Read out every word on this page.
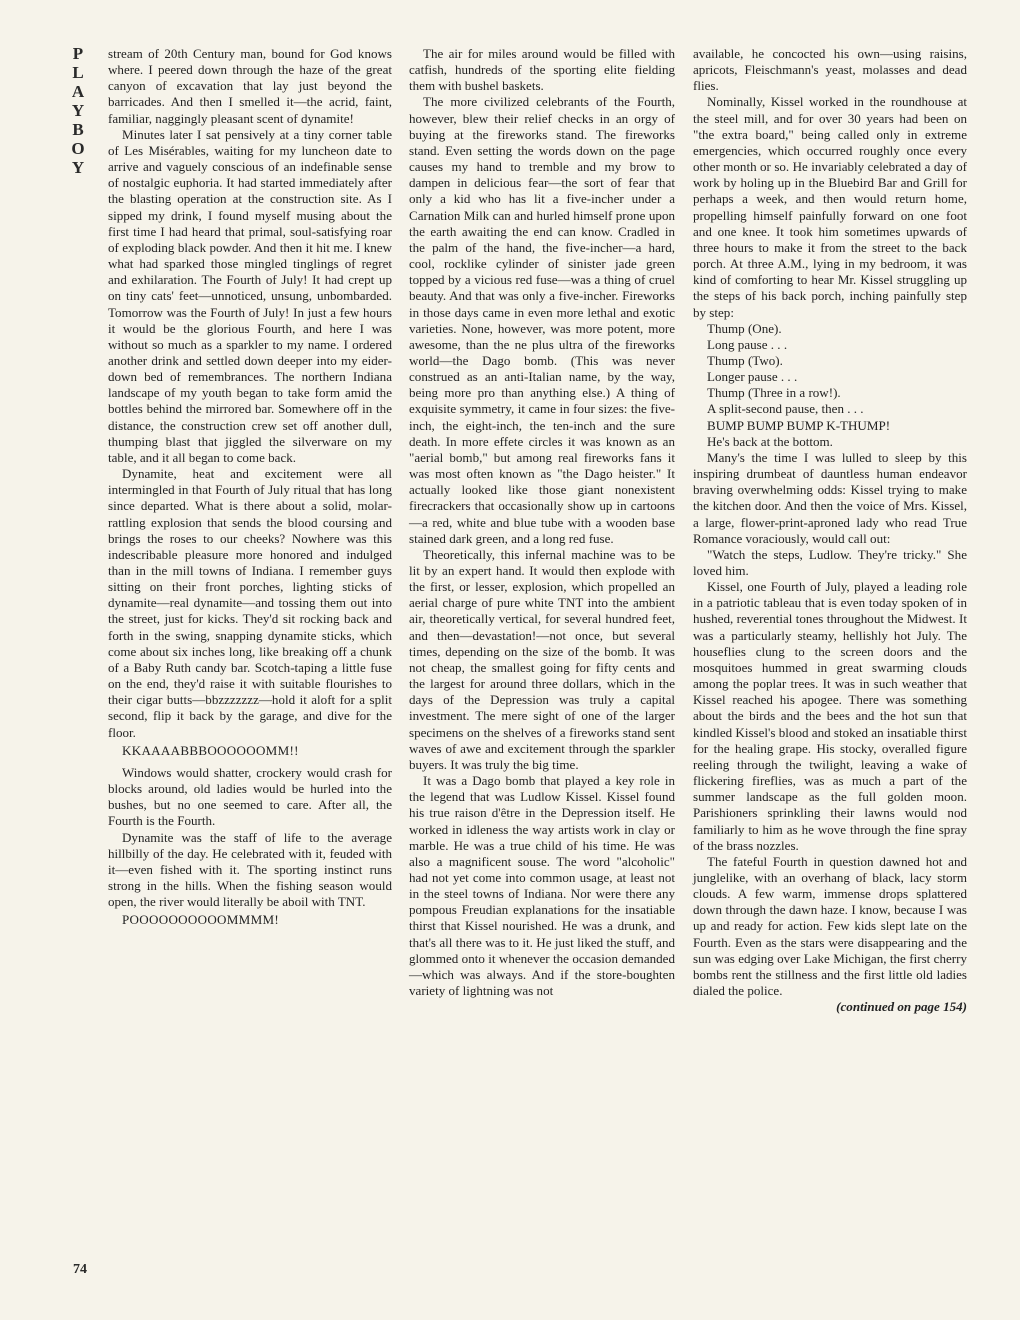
P
L
A
Y
B
O
Y

stream of 20th Century man, bound for God knows where. I peered down through the haze of the great canyon of excavation that lay just beyond the barricades. And then I smelled it—the acrid, faint, familiar, naggingly pleasant scent of dynamite!

Minutes later I sat pensively at a tiny corner table of Les Misérables, waiting for my luncheon date to arrive and vaguely conscious of an indefinable sense of nostalgic euphoria. It had started immediately after the blasting operation at the construction site. As I sipped my drink, I found myself musing about the first time I had heard that primal, soul-satisfying roar of exploding black powder. And then it hit me. I knew what had sparked those mingled tinglings of regret and exhilaration. The Fourth of July! It had crept up on tiny cats' feet—unnoticed, unsung, unbombarded. Tomorrow was the Fourth of July! In just a few hours it would be the glorious Fourth, and here I was without so much as a sparkler to my name. I ordered another drink and settled down deeper into my eider-down bed of remembrances. The northern Indiana landscape of my youth began to take form amid the bottles behind the mirrored bar. Somewhere off in the distance, the construction crew set off another dull, thumping blast that jiggled the silverware on my table, and it all began to come back.

Dynamite, heat and excitement were all intermingled in that Fourth of July ritual that has long since departed. What is there about a solid, molar-rattling explosion that sends the blood coursing and brings the roses to our cheeks? Nowhere was this indescribable pleasure more honored and indulged than in the mill towns of Indiana. I remember guys sitting on their front porches, lighting sticks of dynamite—real dynamite—and tossing them out into the street, just for kicks. They'd sit rocking back and forth in the swing, snapping dynamite sticks, which come about six inches long, like breaking off a chunk of a Baby Ruth candy bar. Scotch-taping a little fuse on the end, they'd raise it with suitable flourishes to their cigar butts—bbzzzzzzz—hold it aloft for a split second, flip it back by the garage, and dive for the floor.

KKAAAABBBOOOOOOMM!!

Windows would shatter, crockery would crash for blocks around, old ladies would be hurled into the bushes, but no one seemed to care. After all, the Fourth is the Fourth.

Dynamite was the staff of life to the average hillbilly of the day. He celebrated with it, feuded with it—even fished with it. The sporting instinct runs strong in the hills. When the fishing season would open, the river would literally be aboil with TNT.

POOOOOOOOOOMMMM!

The air for miles around would be filled with catfish, hundreds of the sporting elite fielding them with bushel baskets.

The more civilized celebrants of the Fourth, however, blew their relief checks in an orgy of buying at the fireworks stand. The fireworks stand. Even setting the words down on the page causes my hand to tremble and my brow to dampen in delicious fear—the sort of fear that only a kid who has lit a five-incher under a Carnation Milk can and hurled himself prone upon the earth awaiting the end can know. Cradled in the palm of the hand, the five-incher—a hard, cool, rocklike cylinder of sinister jade green topped by a vicious red fuse—was a thing of cruel beauty. And that was only a five-incher. Fireworks in those days came in even more lethal and exotic varieties. None, however, was more potent, more awesome, than the ne plus ultra of the fireworks world—the Dago bomb. (This was never construed as an anti-Italian name, by the way, being more pro than anything else.) A thing of exquisite symmetry, it came in four sizes: the five-inch, the eight-inch, the ten-inch and the sure death. In more effete circles it was known as an "aerial bomb," but among real fireworks fans it was most often known as "the Dago heister." It actually looked like those giant nonexistent firecrackers that occasionally show up in cartoons—a red, white and blue tube with a wooden base stained dark green, and a long red fuse.

Theoretically, this infernal machine was to be lit by an expert hand. It would then explode with the first, or lesser, explosion, which propelled an aerial charge of pure white TNT into the ambient air, theoretically vertical, for several hundred feet, and then—devastation!—not once, but several times, depending on the size of the bomb. It was not cheap, the smallest going for fifty cents and the largest for around three dollars, which in the days of the Depression was truly a capital investment. The mere sight of one of the larger specimens on the shelves of a fireworks stand sent waves of awe and excitement through the sparkler buyers. It was truly the big time.

It was a Dago bomb that played a key role in the legend that was Ludlow Kissel. Kissel found his true raison d'être in the Depression itself. He worked in idleness the way artists work in clay or marble. He was a true child of his time. He was also a magnificent souse. The word "alcoholic" had not yet come into common usage, at least not in the steel towns of Indiana. Nor were there any pompous Freudian explanations for the insatiable thirst that Kissel nourished. He was a drunk, and that's all there was to it. He just liked the stuff, and glommed onto it whenever the occasion demanded—which was always. And if the store-boughten variety of lightning was not

available, he concocted his own—using raisins, apricots, Fleischmann's yeast, molasses and dead flies.

Nominally, Kissel worked in the roundhouse at the steel mill, and for over 30 years had been on "the extra board," being called only in extreme emergencies, which occurred roughly once every other month or so. He invariably celebrated a day of work by holing up in the Bluebird Bar and Grill for perhaps a week, and then would return home, propelling himself painfully forward on one foot and one knee. It took him sometimes upwards of three hours to make it from the street to the back porch. At three A.M., lying in my bedroom, it was kind of comforting to hear Mr. Kissel struggling up the steps of his back porch, inching painfully step by step:

Thump (One).

Long pause . . .

Thump (Two).

Longer pause . . .

Thump (Three in a row!).

A split-second pause, then . . .

BUMP BUMP BUMP K-THUMP!

He's back at the bottom.

Many's the time I was lulled to sleep by this inspiring drumbeat of dauntless human endeavor braving overwhelming odds: Kissel trying to make the kitchen door. And then the voice of Mrs. Kissel, a large, flower-print-aproned lady who read True Romance voraciously, would call out:

"Watch the steps, Ludlow. They're tricky." She loved him.

Kissel, one Fourth of July, played a leading role in a patriotic tableau that is even today spoken of in hushed, reverential tones throughout the Midwest. It was a particularly steamy, hellishly hot July. The houseflies clung to the screen doors and the mosquitoes hummed in great swarming clouds among the poplar trees. It was in such weather that Kissel reached his apogee. There was something about the birds and the bees and the hot sun that kindled Kissel's blood and stoked an insatiable thirst for the healing grape. His stocky, overalled figure reeling through the twilight, leaving a wake of flickering fireflies, was as much a part of the summer landscape as the full golden moon. Parishioners sprinkling their lawns would nod familiarly to him as he wove through the fine spray of the brass nozzles.

The fateful Fourth in question dawned hot and junglelike, with an overhang of black, lacy storm clouds. A few warm, immense drops splattered down through the dawn haze. I know, because I was up and ready for action. Few kids slept late on the Fourth. Even as the stars were disappearing and the sun was edging over Lake Michigan, the first cherry bombs rent the stillness and the first little old ladies dialed the police.

(continued on page 154)

74
